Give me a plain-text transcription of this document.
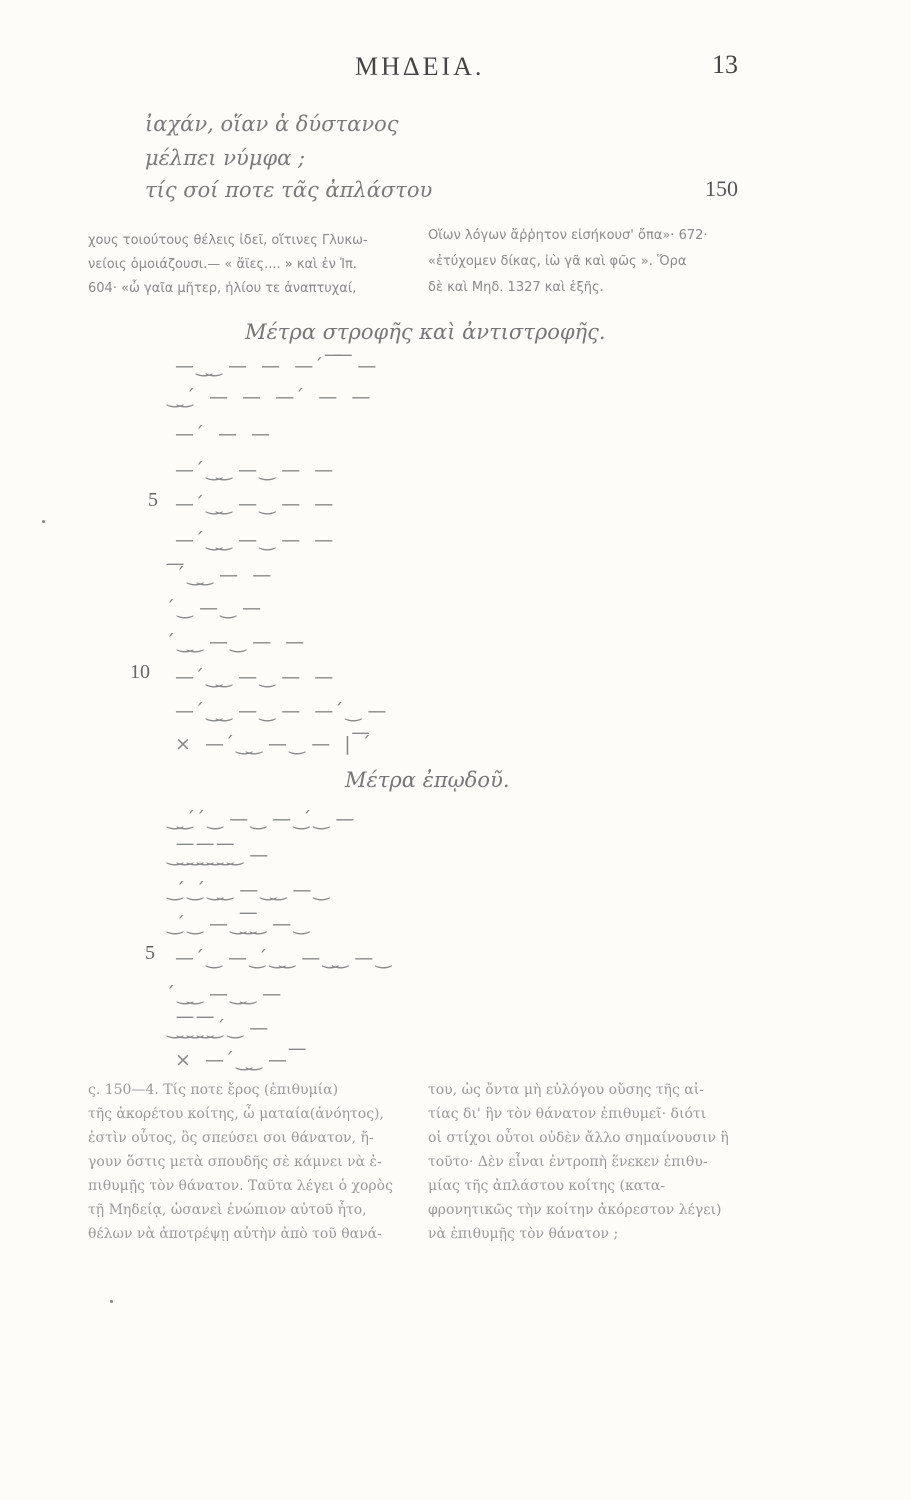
ΜΗΔΕΙΑ.	13
ἰαχάν, οἵαν ἁ δύστανος
μέλπει νύμφα ;
τίς σοί ποτε τᾶς ἀπλάστου	150
χους τοιούτους θέλεις ἰδεῖ, οἵτινες Γλυκω-
νείοις ὁμοιάζουσι.— « ἄϊες.... » καὶ ἐν Ἰπ.
604· «ὦ γαῖα μῆτερ, ἡλίου τε ἀναπτυχαί,
Οἵων λόγων ἄῤῥητον εἰσήκουσ' ὄπα»· 672·
«ἐτύχομεν δίκας, ἰὼ γᾶ καὶ φῶς ». Ὅρα
δὲ καὶ Μηδ. 1327 καὶ ἑξῆς.
Μέτρα στροφῆς καὶ ἀντιστροφῆς.
— ͜ ͜ — — — ́ ͞ ͞ —
͜ ͜ ́ — — — ́ — —
— ́ — —
— ́ ͜ ͜ — ͜ — —
— ́ ͜ ͜ — ͜ — —
— ́ ͜ ͜ — ͜ — —
͞ ́ ͜ ͜ — —
́ ͜ — ͜ —
́ ͜ ͜ — ͜ — —
— ́ ͜ ͜ — ͜ — —
— ́ ͜ ͜ — ͜ — — ́ ͜ —
× — ́ ͜ ͜ — ͜ — | ͞ ́
5
10
Μέτρα ἐπῳδοῦ.
͜ ͜ ́ ́ ͜ — ͜ — ͜ ́ ͜ —
͜ ͜͞ ͜ ͜͞ ͜ ͜͞ ͜ —
͜ ́ ͜ ́ ͜ ͜ — ͜ ͜ — ͜
͜ ́ ͜ — ͜ ͜͞ ͜ — ͜
— ́ ͜ — ͜ ́ ͜ ͜ — ͜ ͜ — ͜
́ ͜ ͜ — ͜ ͜ —
͜ ͜͞ ͜ ͜͞ ͜ ́ ͜ —
× — ́ ͜ ͜ — ͞
5
ς. 150—4. Τίς ποτε ἔρος (ἐπιθυμία)
τῆς ἀκορέτου κοίτης, ὦ ματαία(ἀνόητος),
ἐστὶν οὗτος, ὃς σπεύσει σοι θάνατον, ἤ-
γουν ὅστις μετὰ σπουδῆς σὲ κάμνει νὰ ἐ-
πιθυμῇς τὸν θάνατον. Ταῦτα λέγει ὁ χορὸς
τῇ Μηδείᾳ, ὡσανεὶ ἐνώπιον αὐτοῦ ἦτο,
θέλων νὰ ἀποτρέψῃ αὐτὴν ἀπὸ τοῦ θανά-
του, ὡς ὄντα μὴ εὐλόγου οὔσης τῆς αἰ-
τίας δι' ἣν τὸν θάνατον ἐπιθυμεῖ· διότι
οἱ στίχοι οὗτοι οὐδὲν ἄλλο σημαίνουσιν ἢ
τοῦτο· Δὲν εἶναι ἐντροπὴ ἕνεκεν ἐπιθυ-
μίας τῆς ἀπλάστου κοίτης (κατα-
φρονητικῶς τὴν κοίτην ἀκόρεστον λέγει)
νὰ ἐπιθυμῇς τὸν θάνατον ;
